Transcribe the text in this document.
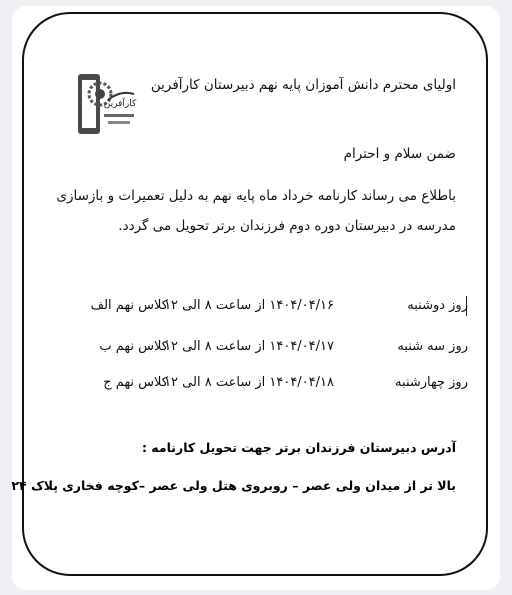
کارآفرین
اولیای محترم دانش آموزان پایه نهم دبیرستان کارآفرین
ضمن سلام و احترام
باطلاع می رساند کارنامه خرداد ماه پایه نهم به دلیل تعمیرات و بازسازی
مدرسه در دبیرستان دوره دوم فرزندان برتر تحویل می گردد.
روز دوشنبه
۱۴۰۴/۰۴/۱۶ از ساعت ۸ الی ۱۲
کلاس نهم الف
روز سه شنبه
۱۴۰۴/۰۴/۱۷ از ساعت ۸ الی ۱۲
کلاس نهم ب
روز چهارشنبه
۱۴۰۴/۰۴/۱۸ از ساعت ۸ الی ۱۲
کلاس نهم ج
آدرس دبیرستان فرزندان برتر جهت تحویل کارنامه :
بالا تر از میدان ولی عصر – روبروی هتل ولی عصر –کوچه فخاری پلاک ۲۴
